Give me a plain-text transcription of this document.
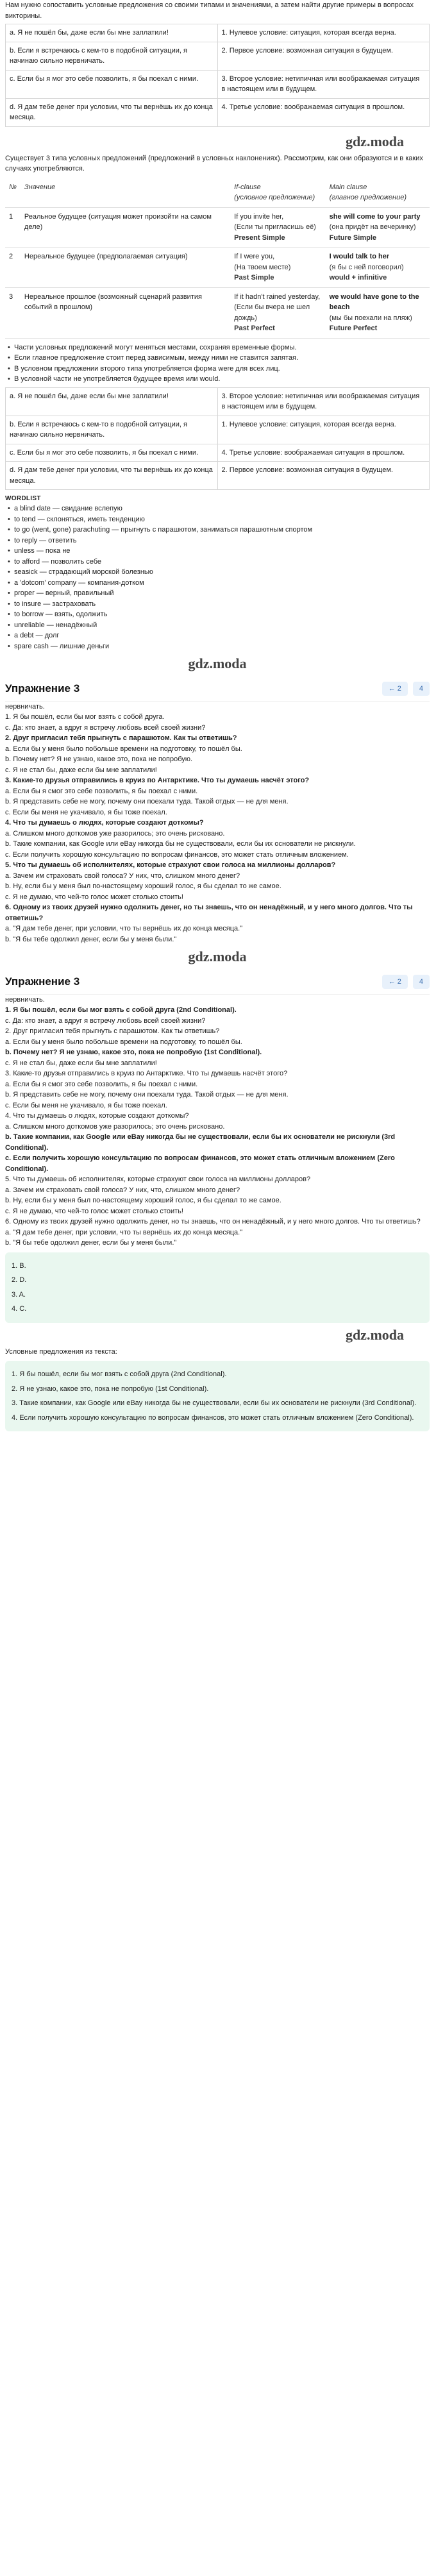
Нам нужно сопоставить условные предложения со своими типами и значениями, а затем найти другие примеры в вопросах викторины.

a. Я не пошёл бы, даже если бы мне заплатили!	1. Нулевое условие: ситуация, которая всегда верна.
b. Если я встречаюсь с кем-то в подобной ситуации, я начинаю сильно нервничать.	2. Первое условие: возможная ситуация в будущем.
c. Если бы я мог это себе позволить, я бы поехал с ними.	3. Второе условие: нетипичная или воображаемая ситуация в настоящем или в будущем.
d. Я дам тебе денег при условии, что ты вернёшь их до конца месяца.	4. Третье условие: воображаемая ситуация в прошлом.
gdz.moda

Существует 3 типа условных предложений (предложений в условных наклонениях). Рассмотрим, как они образуются и в каких случаях употребляются.

№	Значение	If-clause
(условное предложение)	Main clause
(главное предложение)

1	Реальное будущее (ситуация может произойти на самом деле)	If you invite her,
(Если ты пригласишь её)
Present Simple	she will come to your party
(она придёт на вечеринку)
Future Simple

2	Нереальное будущее (предполагаемая ситуация)	If I were you,
(На твоем месте)
Past Simple	I would talk to her
(я бы с ней поговорил)
would + infinitive

3	Нереальное прошлое (возможный сценарий развития событий в прошлом)	If it hadn't rained yesterday,
(Если бы вчера не шел дождь)
Past Perfect	we would have gone to the beach
(мы бы поехали на пляж)
Future Perfect
• Части условных предложений могут меняться местами, сохраняя временные формы.
• Если главное предложение стоит перед зависимым, между ними не ставится запятая.
• В условном предложении второго типа употребляется форма were для всех лиц.
• В условной части не употребляется будущее время или would.
a. Я не пошёл бы, даже если бы мне заплатили!	3. Второе условие: нетипичная или воображаемая ситуация в настоящем или в будущем.
b. Если я встречаюсь с кем-то в подобной ситуации, я начинаю сильно нервничать.	1. Нулевое условие: ситуация, которая всегда верна.
c. Если бы я мог это себе позволить, я бы поехал с ними.	4. Третье условие: воображаемая ситуация в прошлом.
d. Я дам тебе денег при условии, что ты вернёшь их до конца месяца.	2. Первое условие: возможная ситуация в будущем.
WORDLIST
• a blind date — свидание вслепую
• to tend — склоняться, иметь тенденцию
• to go (went, gone) parachuting — прыгнуть с парашютом, заниматься парашютным спортом
• to reply — ответить
• unless — пока не
• to afford — позволить себе
• seasick — страдающий морской болезнью
• a 'dotcom' company — компания-дотком
• proper — верный, правильный
• to insure — застраховать
• to borrow — взять, одолжить
• unreliable — ненадёжный
• a debt — долг
• spare cash — лишние деньги
gdz.moda
Упражнение 3	← 2	4

нервничать.

1. Я бы пошёл, если бы мог взять с собой друга.

с. Да: кто знает, а вдруг я встречу любовь всей своей жизни?

2. Друг пригласил тебя прыгнуть с парашютом. Как ты ответишь?

а. Если бы у меня было побольше времени на подготовку, то пошёл бы.

b. Почему нет? Я не узнаю, какое это, пока не попробую.

с. Я не стал бы, даже если бы мне заплатили!

3. Какие-то друзья отправились в круиз по Антарктике. Что ты думаешь насчёт этого?

а. Если бы я смог это себе позволить, я бы поехал с ними.

b. Я представить себе не могу, почему они поехали туда. Такой отдых — не для меня.

с. Если бы меня не укачивало, я бы тоже поехал.

4. Что ты думаешь о людях, которые создают доткомы?

а. Слишком много доткомов уже разорилось; это очень рисковано.

b. Такие компании, как Google или eBay никогда бы не существовали, если бы их основатели не рискнули.

с. Если получить хорошую консультацию по вопросам финансов, это может стать отличным вложением.

5. Что ты думаешь об исполнителях, которые страхуют свои голоса на миллионы долларов?

а. Зачем им страховать свой голоса? У них, что, слишком много денег?

b. Ну, если бы у меня был по-настоящему хороший голос, я бы сделал то же самое.

с. Я не думаю, что чей-то голос может столько стоить!

6. Одному из твоих друзей нужно одолжить денег, но ты знаешь, что он ненадёжный, и у него много долгов. Что ты ответишь?

а. "Я дам тебе денег, при условии, что ты вернёшь их до конца месяца."

b. "Я бы тебе одолжил денег, если бы у меня были."

gdz.moda
Упражнение 3	← 2	4

нервничать.

1. Я бы пошёл, если бы мог взять с собой друга (2nd Conditional).

с. Да: кто знает, а вдруг я встречу любовь всей своей жизни?

2. Друг пригласил тебя прыгнуть с парашютом. Как ты ответишь?

а. Если бы у меня было побольше времени на подготовку, то пошёл бы.

b. Почему нет? Я не узнаю, какое это, пока не попробую (1st Conditional).

с. Я не стал бы, даже если бы мне заплатили!

3. Какие-то друзья отправились в круиз по Антарктике. Что ты думаешь насчёт этого?

а. Если бы я смог это себе позволить, я бы поехал с ними.

b. Я представить себе не могу, почему они поехали туда. Такой отдых — не для меня.

с. Если бы меня не укачивало, я бы тоже поехал.

4. Что ты думаешь о людях, которые создают доткомы?

а. Слишком много доткомов уже разорилось; это очень рисковано.

b. Такие компании, как Google или eBay никогда бы не существовали, если бы их основатели не рискнули (3rd Conditional).

с. Если получить хорошую консультацию по вопросам финансов, это может стать отличным вложением (Zero Conditional).

5. Что ты думаешь об исполнителях, которые страхуют свои голоса на миллионы долларов?

а. Зачем им страховать свой голоса? У них, что, слишком много денег?

b. Ну, если бы у меня был по-настоящему хороший голос, я бы сделал то же самое.

с. Я не думаю, что чей-то голос может столько стоить!

6. Одному из твоих друзей нужно одолжить денег, но ты знаешь, что он ненадёжный, и у него много долгов. Что ты ответишь?

а. "Я дам тебе денег, при условии, что ты вернёшь их до конца месяца."

b. "Я бы тебе одолжил денег, если бы у меня были."

1. B.
2. D.
3. A.
4. C.
gdz.moda

Условные предложения из текста:

1. Я бы пошёл, если бы мог взять с собой друга (2nd Conditional).
2. Я не узнаю, какое это, пока не попробую (1st Conditional).
3. Такие компании, как Google или eBay никогда бы не существовали, если бы их основатели не рискнули (3rd Conditional).
4. Если получить хорошую консультацию по вопросам финансов, это может стать отличным вложением (Zero Conditional).
